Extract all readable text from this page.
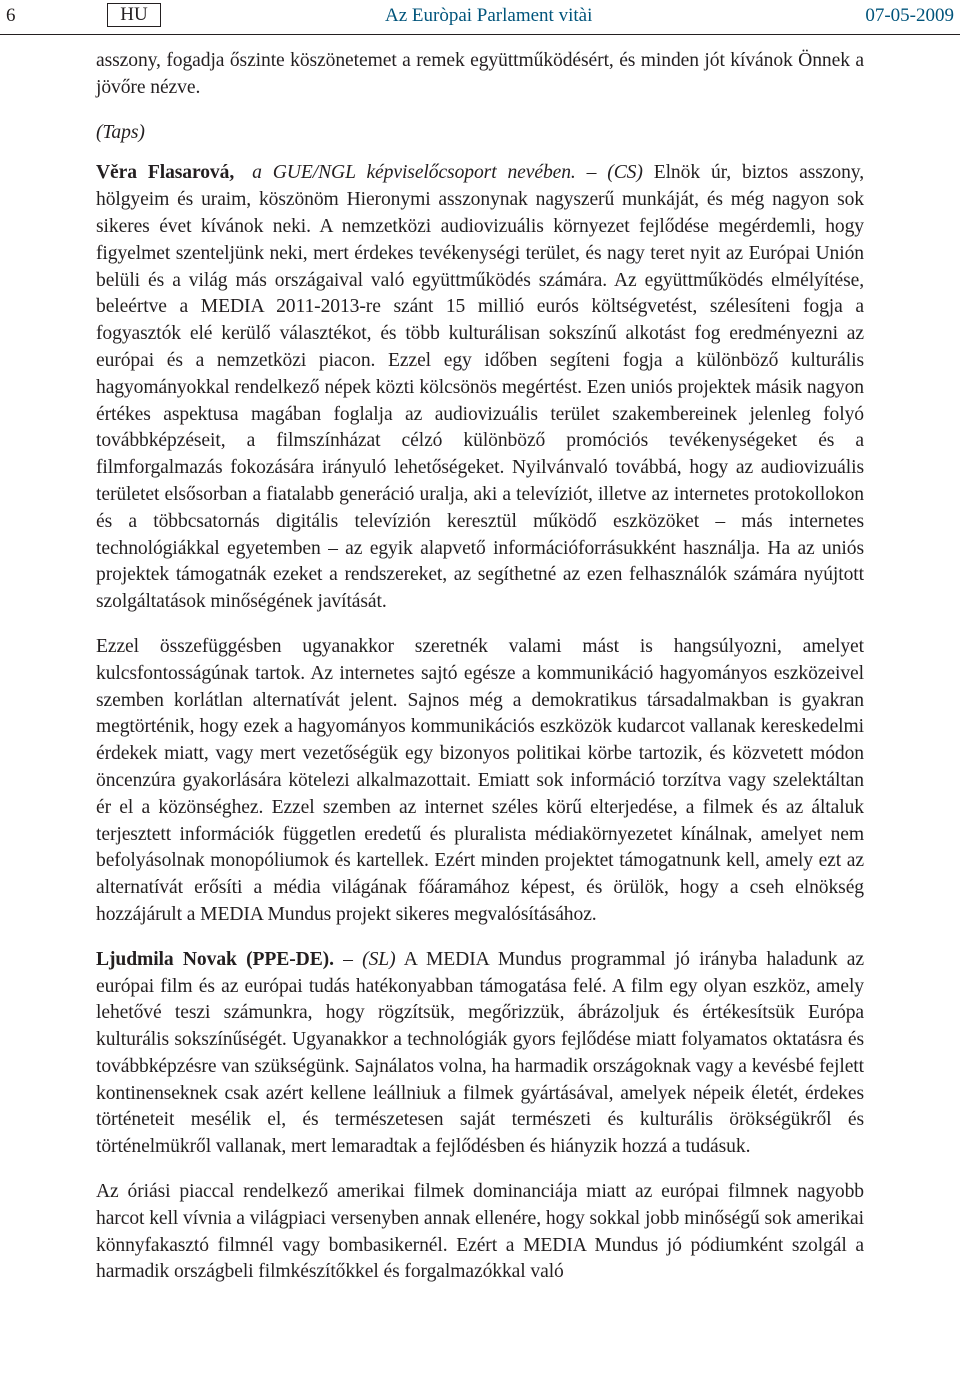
6	HU	Az Euròpai Parlament vitài	07-05-2009

asszony, fogadja őszinte köszönetemet a remek együttműködésért, és minden jót kívánok Önnek a jövőre nézve.

(Taps)

Věra Flasarová, a GUE/NGL képviselőcsoport nevében. – (CS) Elnök úr, biztos asszony, hölgyeim és uraim, köszönöm Hieronymi asszonynak nagyszerű munkáját, és még nagyon sok sikeres évet kívánok neki. A nemzetközi audiovizuális környezet fejlődése megérdemli, hogy figyelmet szenteljünk neki, mert érdekes tevékenységi terület, és nagy teret nyit az Európai Unión belüli és a világ más országaival való együttműködés számára. Az együttműködés elmélyítése, beleértve a MEDIA 2011-2013-re szánt 15 millió eurós költségvetést, szélesíteni fogja a fogyasztók elé kerülő választékot, és több kulturálisan sokszínű alkotást fog eredményezni az európai és a nemzetközi piacon. Ezzel egy időben segíteni fogja a különböző kulturális hagyományokkal rendelkező népek közti kölcsönös megértést. Ezen uniós projektek másik nagyon értékes aspektusa magában foglalja az audiovizuális terület szakembereinek jelenleg folyó továbbképzéseit, a filmszínházat célzó különböző promóciós tevékenységeket és a filmforgalmazás fokozására irányuló lehetőségeket. Nyilvánvaló továbbá, hogy az audiovizuális területet elsősorban a fiatalabb generáció uralja, aki a televíziót, illetve az internetes protokollokon és a többcsatornás digitális televízión keresztül működő eszközöket – más internetes technológiákkal egyetemben – az egyik alapvető információforrásukként használja. Ha az uniós projektek támogatnák ezeket a rendszereket, az segíthetné az ezen felhasználók számára nyújtott szolgáltatások minőségének javítását.

Ezzel összefüggésben ugyanakkor szeretnék valami mást is hangsúlyozni, amelyet kulcsfontosságúnak tartok. Az internetes sajtó egésze a kommunikáció hagyományos eszközeivel szemben korlátlan alternatívát jelent. Sajnos még a demokratikus társadalmakban is gyakran megtörténik, hogy ezek a hagyományos kommunikációs eszközök kudarcot vallanak kereskedelmi érdekek miatt, vagy mert vezetőségük egy bizonyos politikai körbe tartozik, és közvetett módon öncenzúra gyakorlására kötelezi alkalmazottait. Emiatt sok információ torzítva vagy szelektáltan ér el a közönséghez. Ezzel szemben az internet széles körű elterjedése, a filmek és az általuk terjesztett információk független eredetű és pluralista médiakörnyezetet kínálnak, amelyet nem befolyásolnak monopóliumok és kartellek. Ezért minden projektet támogatnunk kell, amely ezt az alternatívát erősíti a média világának főáramához képest, és örülök, hogy a cseh elnökség hozzájárult a MEDIA Mundus projekt sikeres megvalósításához.

Ljudmila Novak (PPE-DE). – (SL) A MEDIA Mundus programmal jó irányba haladunk az európai film és az európai tudás hatékonyabban támogatása felé. A film egy olyan eszköz, amely lehetővé teszi számunkra, hogy rögzítsük, megőrizzük, ábrázoljuk és értékesítsük Európa kulturális sokszínűségét. Ugyanakkor a technológiák gyors fejlődése miatt folyamatos oktatásra és továbbképzésre van szükségünk. Sajnálatos volna, ha harmadik országoknak vagy a kevésbé fejlett kontinenseknek csak azért kellene leállniuk a filmek gyártásával, amelyek népeik életét, érdekes történeteit mesélik el, és természetesen saját természeti és kulturális örökségükről és történelmükről vallanak, mert lemaradtak a fejlődésben és hiányzik hozzá a tudásuk.

Az óriási piaccal rendelkező amerikai filmek dominanciája miatt az európai filmnek nagyobb harcot kell vívnia a világpiaci versenyben annak ellenére, hogy sokkal jobb minőségű sok amerikai könnyfakasztó filmnél vagy bombasikernél. Ezért a MEDIA Mundus jó pódiumként szolgál a harmadik országbeli filmkészítőkkel és forgalmazókkal való
